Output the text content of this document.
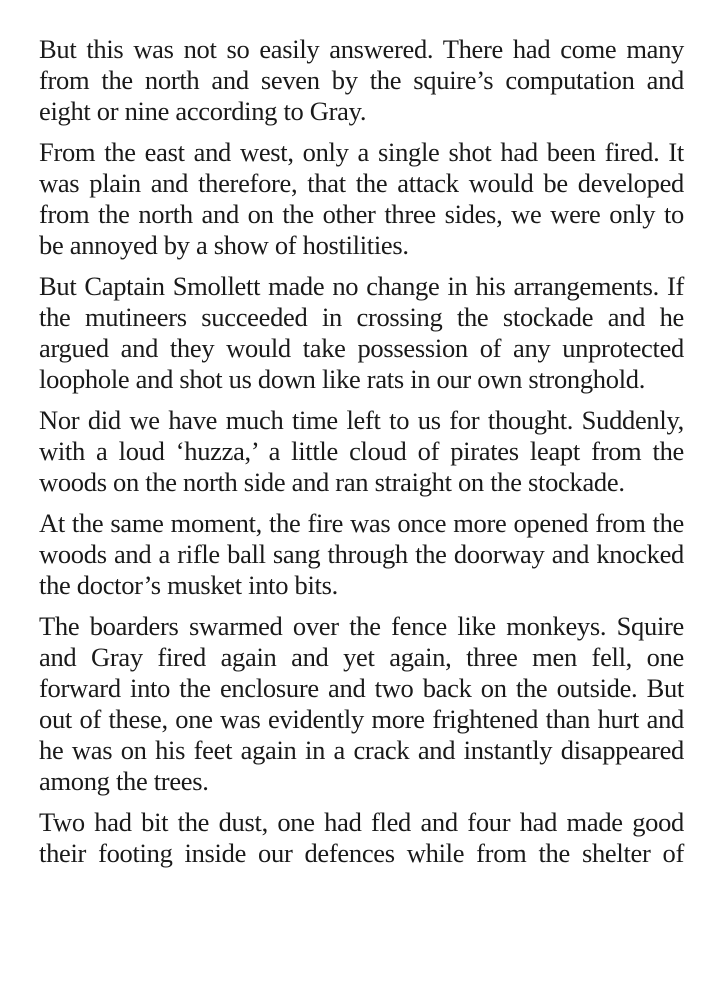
But this was not so easily answered. There had come many from the north and seven by the squire’s computation and eight or nine according to Gray.

From the east and west, only a single shot had been fired. It was plain and therefore, that the attack would be developed from the north and on the other three sides, we were only to be annoyed by a show of hostilities.

But Captain Smollett made no change in his arrangements. If the mutineers succeeded in crossing the stockade and he argued and they would take possession of any unprotected loophole and shot us down like rats in our own stronghold.

Nor did we have much time left to us for thought. Suddenly, with a loud ‘huzza,’ a little cloud of pirates leapt from the woods on the north side and ran straight on the stockade.

At the same moment, the fire was once more opened from the woods and a rifle ball sang through the doorway and knocked the doctor’s musket into bits.

The boarders swarmed over the fence like monkeys. Squire and Gray fired again and yet again, three men fell, one forward into the enclosure and two back on the outside. But out of these, one was evidently more frightened than hurt and he was on his feet again in a crack and instantly disappeared among the trees.

Two had bit the dust, one had fled and four had made good their footing inside our defences while from the shelter of
